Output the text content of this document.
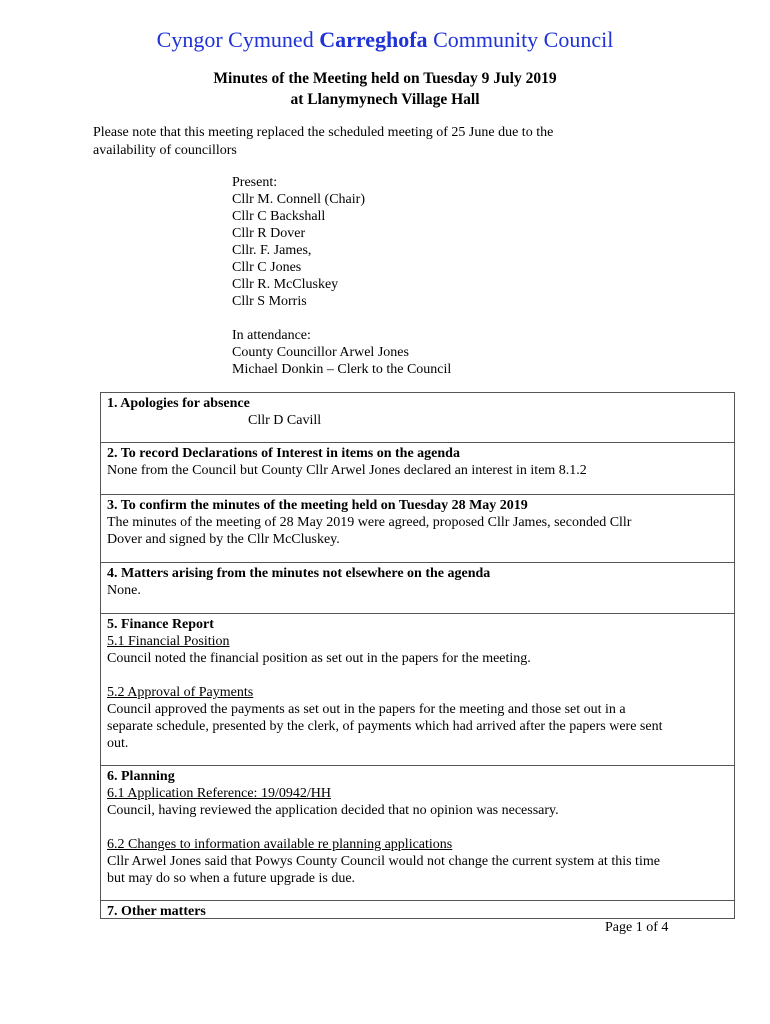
Cyngor Cymuned Carreghofa Community Council
Minutes of the Meeting held on Tuesday 9 July 2019
at Llanymynech Village Hall
Please note that this meeting replaced the scheduled meeting of 25 June due to the
availability of councillors
Present:
Cllr M. Connell (Chair)
Cllr C Backshall
Cllr R Dover
Cllr. F. James,
Cllr C Jones
Cllr R. McCluskey
Cllr S Morris
In attendance:
County Councillor Arwel Jones
Michael Donkin – Clerk to the Council
1. Apologies for absence
Cllr D Cavill
2. To record Declarations of Interest in items on the agenda
None from the Council but County Cllr Arwel Jones declared an interest in item 8.1.2
3. To confirm the minutes of the meeting held on Tuesday 28 May 2019
The minutes of the meeting of 28 May 2019 were agreed, proposed Cllr James, seconded Cllr
Dover and signed by the Cllr McCluskey.
4. Matters arising from the minutes not elsewhere on the agenda
None.
5. Finance Report
5.1 Financial Position
Council noted the financial position as set out in the papers for the meeting.
5.2 Approval of Payments
Council approved the payments as set out in the papers for the meeting and those set out in a
separate schedule, presented by the clerk, of payments which had arrived after the papers were sent
out.
6. Planning
6.1 Application Reference: 19/0942/HH
Council, having reviewed the application decided that no opinion was necessary.
6.2 Changes to information available re planning applications
Cllr Arwel Jones said that Powys County Council would not change the current system at this time
but may do so when a future upgrade is due.
7. Other matters
Page 1 of 4
